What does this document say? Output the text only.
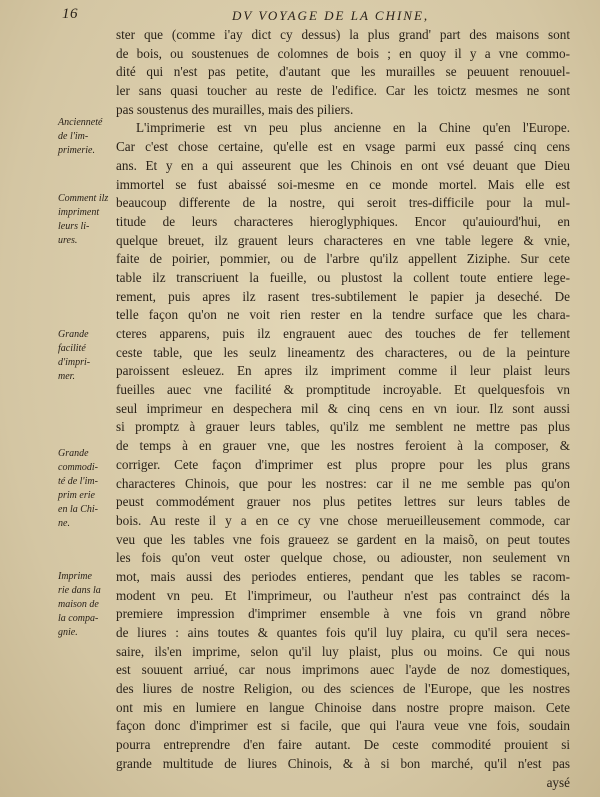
16	DV VOYAGE DE LA CHINE,
Ancienneté
de l'im-
primerie.
Comment ilz
impriment
leurs li-
ures.
Grande
facilité
d'impri-
mer.
Grande
commodi-
té de l'im-
prim erie
en la Chi-
ne.
Imprime
rie dans la
maison de
la compa-
gnie.
ster que (comme i'ay dict cy dessus) la plus grand' part des maisons sont
de bois, ou soustenues de colomnes de bois ; en quoy il y a vne commo-
dité qui n'est pas petite, d'autant que les murailles se peuuent renouuel-
ler sans quasi toucher au reste de l'edifice. Car les toictz mesmes ne sont
pas soustenus des murailles, mais des piliers.
L'imprimerie est vn peu plus ancienne en la Chine qu'en l'Europe.
Car c'est chose certaine, qu'elle est en vsage parmi eux passé cinq cens
ans. Et y en a qui asseurent que les Chinois en ont vsé deuant que Dieu
immortel se fust abaissé soi-mesme en ce monde mortel. Mais elle est
beaucoup differente de la nostre, qui seroit tres-difficile pour la mul-
titude de leurs characteres hieroglyphiques. Encor qu'auiourd'hui, en
quelque breuet, ilz grauent leurs characteres en vne table legere & vnie,
faite de poirier, pommier, ou de l'arbre qu'ilz appellent Ziziphe. Sur cete
table ilz transcriuent la fueille, ou plustost la collent toute entiere lege-
rement, puis apres ilz rasent tres-subtilement le papier ja deseché. De
telle façon qu'on ne voit rien rester en la tendre surface que les chara-
cteres apparens, puis ilz engrauent auec des touches de fer tellement
ceste table, que les seulz lineamentz des characteres, ou de la peinture
paroissent esleuez. En apres ilz impriment comme il leur plaist leurs
fueilles auec vne facilité & promptitude incroyable. Et quelquesfois vn
seul imprimeur en despechera mil & cinq cens en vn iour. Ilz sont aussi
si promptz à grauer leurs tables, qu'ilz me semblent ne mettre pas plus
de temps à en grauer vne, que les nostres feroient à la composer, &
corriger. Cete façon d'imprimer est plus propre pour les plus grans
characteres Chinois, que pour les nostres: car il ne me semble pas qu'on
peust commodément grauer nos plus petites lettres sur leurs tables de
bois. Au reste il y a en ce cy vne chose merueilleusement commode, car
veu que les tables vne fois graueez se gardent en la maisõ, on peut toutes
les fois qu'on veut oster quelque chose, ou adiouster, non seulement vn
mot, mais aussi des periodes entieres, pendant que les tables se racom-
modent vn peu. Et l'imprimeur, ou l'autheur n'est pas contrainct dés la
premiere impression d'imprimer ensemble à vne fois vn grand nõbre
de liures : ains toutes & quantes fois qu'il luy plaira, cu qu'il sera neces-
saire, ils'en imprime, selon qu'il luy plaist, plus ou moins. Ce qui nous
est souuent arriué, car nous imprimons auec l'ayde de noz domestiques,
des liures de nostre Religion, ou des sciences de l'Europe, que les nostres
ont mis en lumiere en langue Chinoise dans nostre propre maison. Cete
façon donc d'imprimer est si facile, que qui l'aura veue vne fois, soudain
pourra entreprendre d'en faire autant. De ceste commodité prouient si
grande multitude de liures Chinois, & à si bon marché, qu'il n'est pas
aysé
